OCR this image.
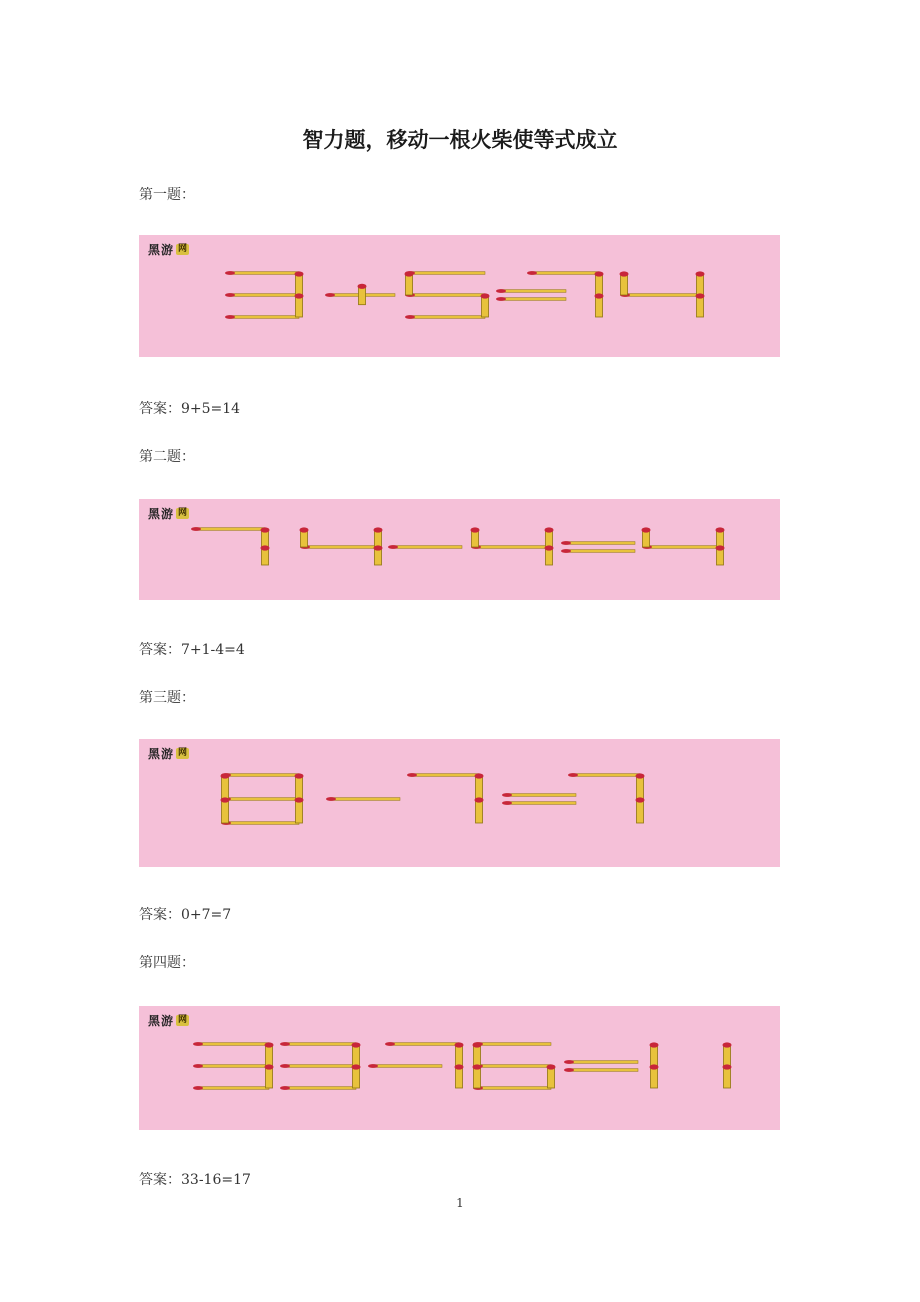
智力题，移动一根火柴使等式成立

第一题：

黑游 网

答案：9+5=14

第二题：

黑游 网

答案：7+1-4=4

第三题：

黑游 网

答案：0+7=7

第四题：

黑游 网

答案：33-16=17

1
